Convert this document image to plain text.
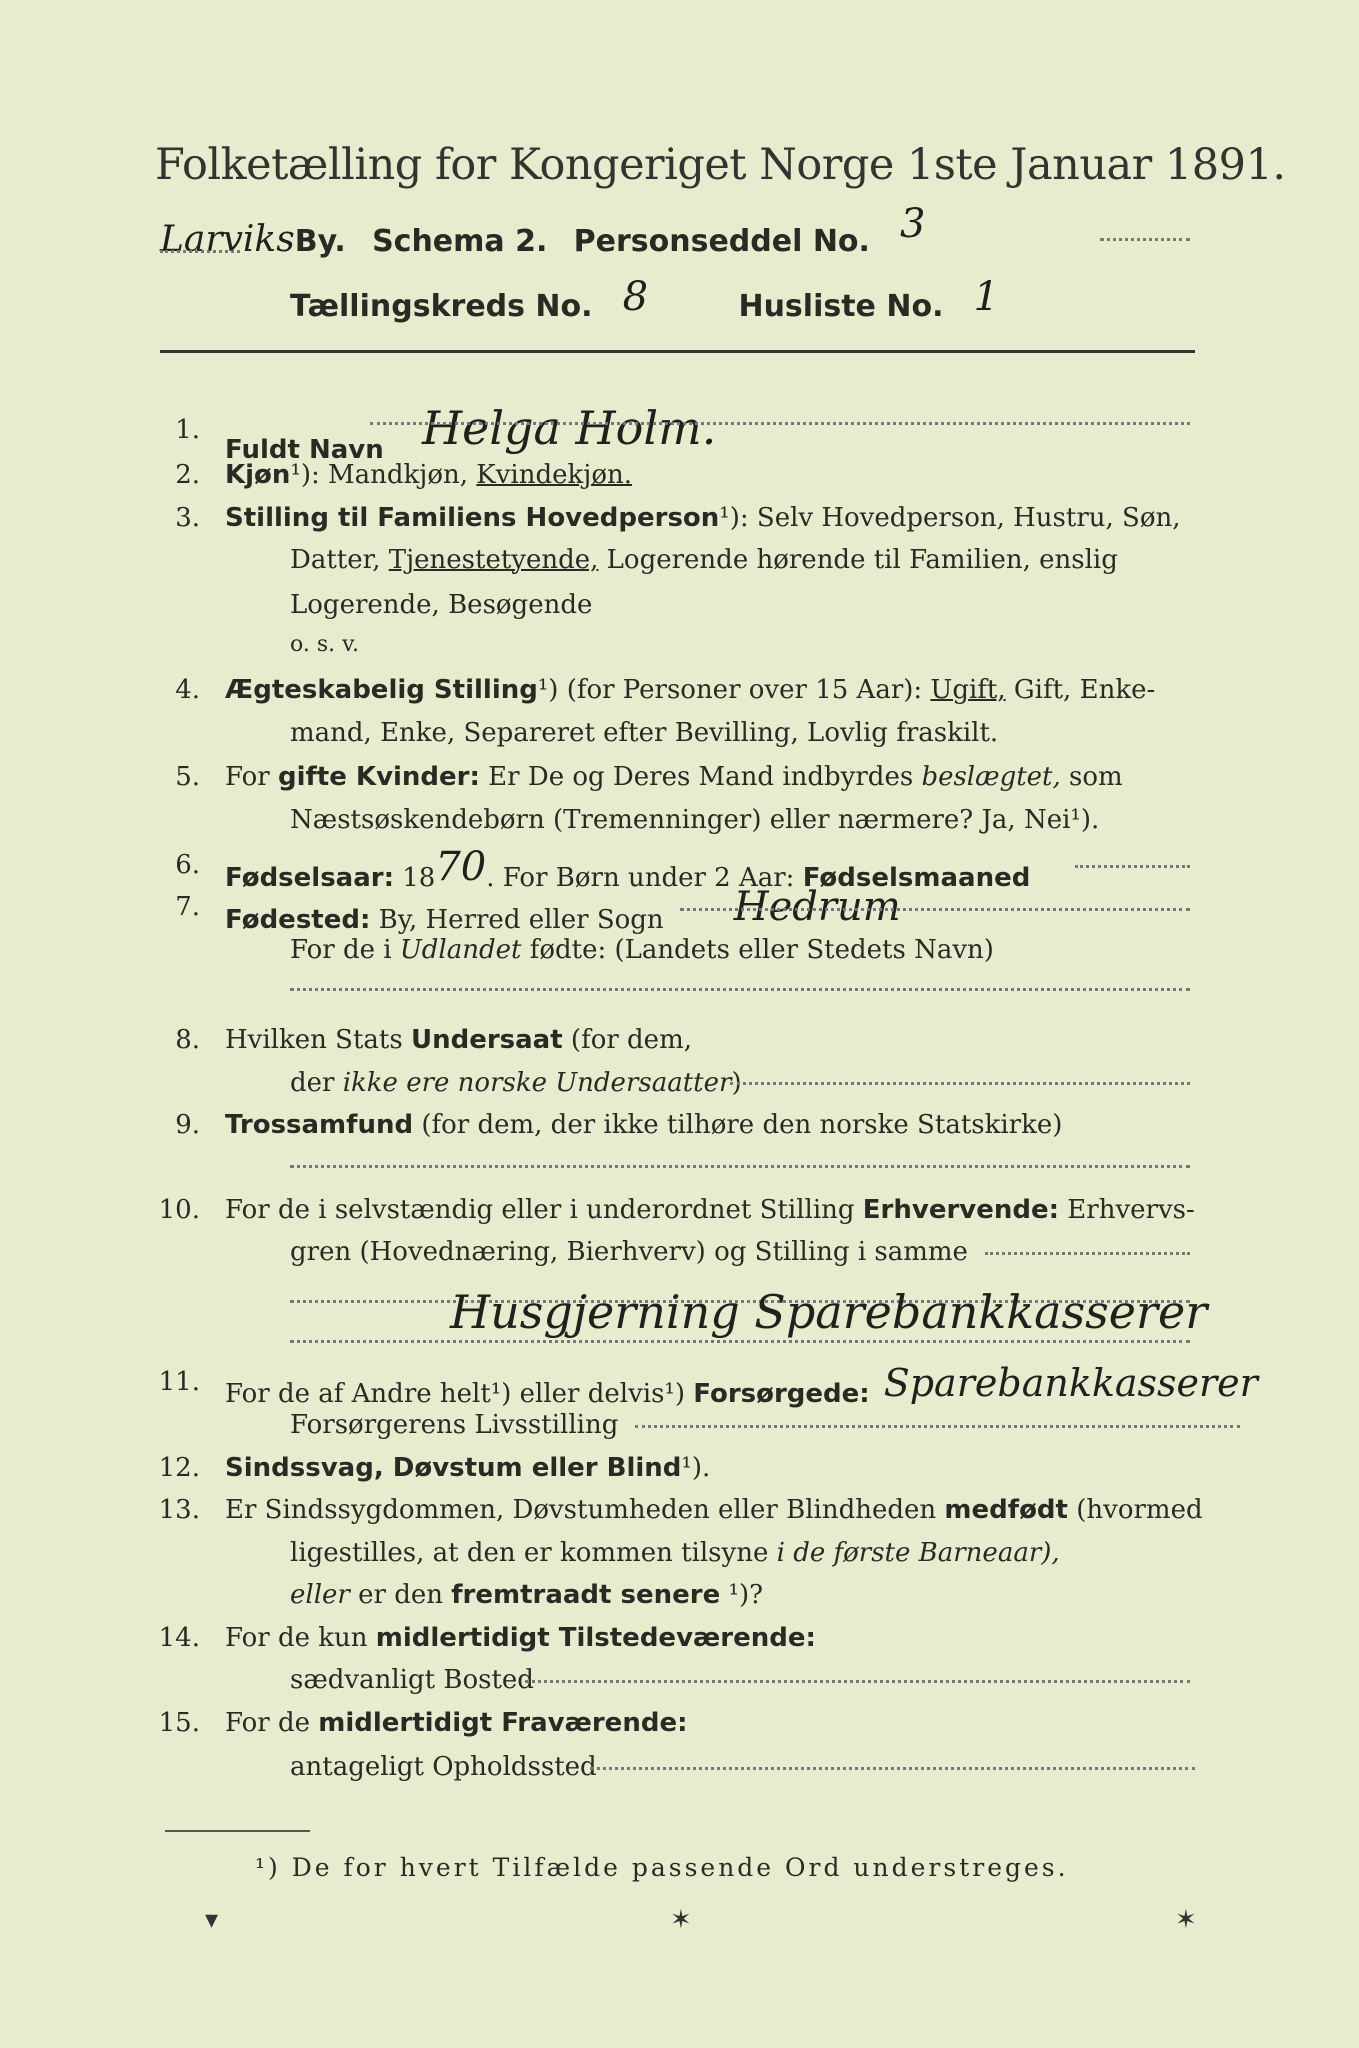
Folketælling for Kongeriget Norge 1ste Januar 1891.
LarviksBy. Schema 2. Personseddel No. 3
Tællingskreds No. 8	Husliste No. 1
1.
Fuldt Navn Helga Holm.
2. Kjøn¹): Mandkjøn, Kvindekjøn.
3. Stilling til Familiens Hovedperson¹): Selv Hovedperson, Hustru, Søn,
Datter, Tjenestetyende, Logerende hørende til Familien, enslig
Logerende, Besøgende
o. s. v.
4. Ægteskabelig Stilling¹) (for Personer over 15 Aar): Ugift, Gift, Enke-
mand, Enke, Separeret efter Bevilling, Lovlig fraskilt.
5. For gifte Kvinder: Er De og Deres Mand indbyrdes beslægtet, som
Næstsøskendebørn (Tremenninger) eller nærmere? Ja, Nei¹).
6. Fødselsaar: 1870. For Børn under 2 Aar: Fødselsmaaned
7. Fødested: By, Herred eller Sogn Hedrum
For de i Udlandet fødte: (Landets eller Stedets Navn)
8. Hvilken Stats Undersaat (for dem,
der ikke ere norske Undersaatter)
9. Trossamfund (for dem, der ikke tilhøre den norske Statskirke)
10. For de i selvstændig eller i underordnet Stilling Erhvervende: Erhvervs-
gren (Hovednæring, Bierhverv) og Stilling i samme
Husgjerning Sparebankkasserer
11. For de af Andre helt¹) eller delvis¹) Forsørgede: Sparebankkasserer
Forsørgerens Livsstilling
12. Sindssvag, Døvstum eller Blind¹).
13. Er Sindssygdommen, Døvstumheden eller Blindheden medfødt (hvormed
ligestilles, at den er kommen tilsyne i de første Barneaar),
eller er den fremtraadt senere ¹)?
14. For de kun midlertidigt Tilstedeværende:
sædvanligt Bosted
15. For de midlertidigt Fraværende:
antageligt Opholdssted
¹) De for hvert Tilfælde passende Ord understreges.
▾	✶	✶
